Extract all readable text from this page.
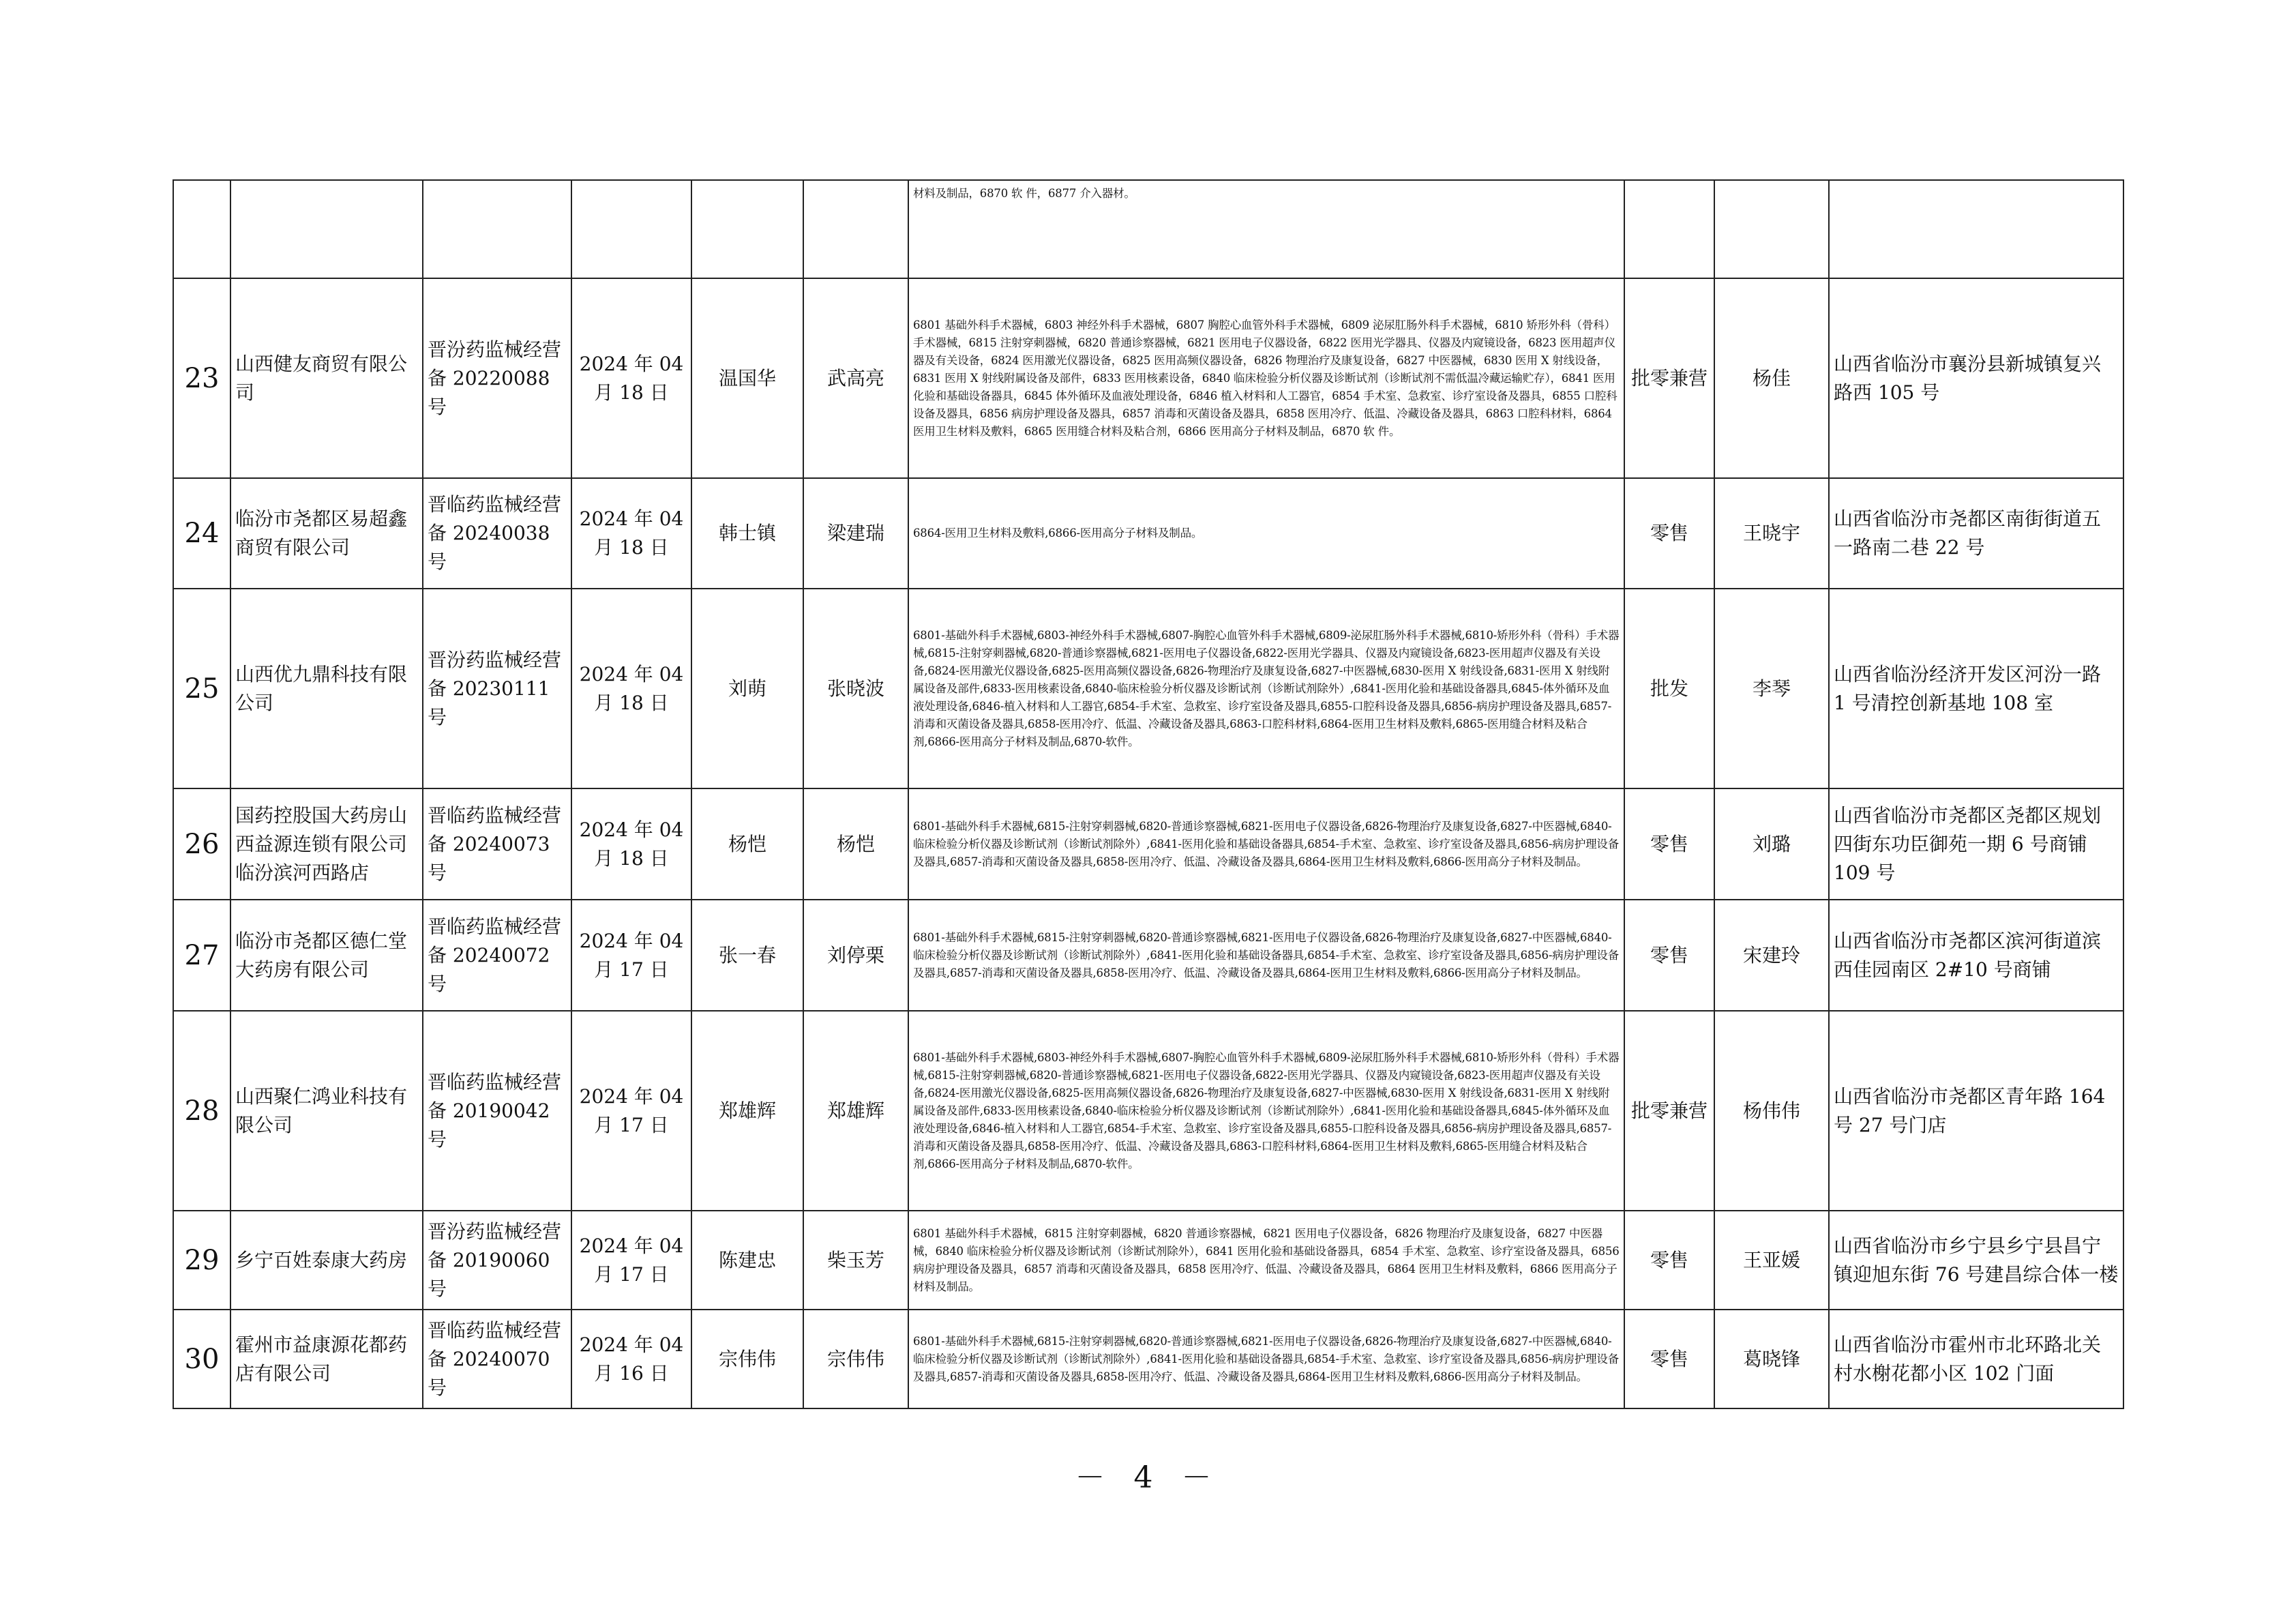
						材料及制品，6870 软 件，6877 介入器材。			
23	山西健友商贸有限公司	晋汾药监械经营备 20220088 号	2024 年 04 月 18 日	温国华	武高亮	6801 基础外科手术器械，6803 神经外科手术器械，6807 胸腔心血管外科手术器械，6809 泌尿肛肠外科手术器械，6810 矫形外科（骨科）手术器械，6815 注射穿刺器械，6820 普通诊察器械，6821 医用电子仪器设备，6822 医用光学器具、仪器及内窥镜设备，6823 医用超声仪器及有关设备，6824 医用激光仪器设备，6825 医用高频仪器设备，6826 物理治疗及康复设备，6827 中医器械，6830 医用 X 射线设备，6831 医用 X 射线附属设备及部件，6833 医用核素设备，6840 临床检验分析仪器及诊断试剂（诊断试剂不需低温冷藏运输贮存），6841 医用化验和基础设备器具，6845 体外循环及血液处理设备，6846 植入材料和人工器官，6854 手术室、急救室、诊疗室设备及器具，6855 口腔科设备及器具，6856 病房护理设备及器具，6857 消毒和灭菌设备及器具，6858 医用冷疗、低温、冷藏设备及器具，6863 口腔科材料，6864 医用卫生材料及敷料，6865 医用缝合材料及粘合剂，6866 医用高分子材料及制品，6870 软 件。	批零兼营	杨佳	山西省临汾市襄汾县新城镇复兴路西 105 号
24	临汾市尧都区易超鑫商贸有限公司	晋临药监械经营备 20240038 号	2024 年 04 月 18 日	韩士镇	梁建瑞	6864-医用卫生材料及敷料,6866-医用高分子材料及制品。	零售	王晓宇	山西省临汾市尧都区南街街道五一路南二巷 22 号
25	山西优九鼎科技有限公司	晋汾药监械经营备 20230111 号	2024 年 04 月 18 日	刘萌	张晓波	6801-基础外科手术器械,6803-神经外科手术器械,6807-胸腔心血管外科手术器械,6809-泌尿肛肠外科手术器械,6810-矫形外科（骨科）手术器械,6815-注射穿刺器械,6820-普通诊察器械,6821-医用电子仪器设备,6822-医用光学器具、仪器及内窥镜设备,6823-医用超声仪器及有关设备,6824-医用激光仪器设备,6825-医用高频仪器设备,6826-物理治疗及康复设备,6827-中医器械,6830-医用 X 射线设备,6831-医用 X 射线附属设备及部件,6833-医用核素设备,6840-临床检验分析仪器及诊断试剂（诊断试剂除外）,6841-医用化验和基础设备器具,6845-体外循环及血液处理设备,6846-植入材料和人工器官,6854-手术室、急救室、诊疗室设备及器具,6855-口腔科设备及器具,6856-病房护理设备及器具,6857-消毒和灭菌设备及器具,6858-医用冷疗、低温、冷藏设备及器具,6863-口腔科材料,6864-医用卫生材料及敷料,6865-医用缝合材料及粘合剂,6866-医用高分子材料及制品,6870-软件。	批发	李琴	山西省临汾经济开发区河汾一路 1 号清控创新基地 108 室
26	国药控股国大药房山西益源连锁有限公司临汾滨河西路店	晋临药监械经营备 20240073 号	2024 年 04 月 18 日	杨恺	杨恺	6801-基础外科手术器械,6815-注射穿刺器械,6820-普通诊察器械,6821-医用电子仪器设备,6826-物理治疗及康复设备,6827-中医器械,6840-临床检验分析仪器及诊断试剂（诊断试剂除外）,6841-医用化验和基础设备器具,6854-手术室、急救室、诊疗室设备及器具,6856-病房护理设备及器具,6857-消毒和灭菌设备及器具,6858-医用冷疗、低温、冷藏设备及器具,6864-医用卫生材料及敷料,6866-医用高分子材料及制品。	零售	刘璐	山西省临汾市尧都区尧都区规划四街东功臣御苑一期 6 号商铺 109 号
27	临汾市尧都区德仁堂大药房有限公司	晋临药监械经营备 20240072 号	2024 年 04 月 17 日	张一春	刘停栗	6801-基础外科手术器械,6815-注射穿刺器械,6820-普通诊察器械,6821-医用电子仪器设备,6826-物理治疗及康复设备,6827-中医器械,6840-临床检验分析仪器及诊断试剂（诊断试剂除外）,6841-医用化验和基础设备器具,6854-手术室、急救室、诊疗室设备及器具,6856-病房护理设备及器具,6857-消毒和灭菌设备及器具,6858-医用冷疗、低温、冷藏设备及器具,6864-医用卫生材料及敷料,6866-医用高分子材料及制品。	零售	宋建玲	山西省临汾市尧都区滨河街道滨西佳园南区 2#10 号商铺
28	山西聚仁鸿业科技有限公司	晋临药监械经营备 20190042 号	2024 年 04 月 17 日	郑雄辉	郑雄辉	6801-基础外科手术器械,6803-神经外科手术器械,6807-胸腔心血管外科手术器械,6809-泌尿肛肠外科手术器械,6810-矫形外科（骨科）手术器械,6815-注射穿刺器械,6820-普通诊察器械,6821-医用电子仪器设备,6822-医用光学器具、仪器及内窥镜设备,6823-医用超声仪器及有关设备,6824-医用激光仪器设备,6825-医用高频仪器设备,6826-物理治疗及康复设备,6827-中医器械,6830-医用 X 射线设备,6831-医用 X 射线附属设备及部件,6833-医用核素设备,6840-临床检验分析仪器及诊断试剂（诊断试剂除外）,6841-医用化验和基础设备器具,6845-体外循环及血液处理设备,6846-植入材料和人工器官,6854-手术室、急救室、诊疗室设备及器具,6855-口腔科设备及器具,6856-病房护理设备及器具,6857-消毒和灭菌设备及器具,6858-医用冷疗、低温、冷藏设备及器具,6863-口腔科材料,6864-医用卫生材料及敷料,6865-医用缝合材料及粘合剂,6866-医用高分子材料及制品,6870-软件。	批零兼营	杨伟伟	山西省临汾市尧都区青年路 164 号 27 号门店
29	乡宁百姓泰康大药房	晋汾药监械经营备 20190060 号	2024 年 04 月 17 日	陈建忠	柴玉芳	6801 基础外科手术器械，6815 注射穿刺器械，6820 普通诊察器械，6821 医用电子仪器设备，6826 物理治疗及康复设备，6827 中医器械，6840 临床检验分析仪器及诊断试剂（诊断试剂除外），6841 医用化验和基础设备器具，6854 手术室、急救室、诊疗室设备及器具，6856 病房护理设备及器具，6857 消毒和灭菌设备及器具，6858 医用冷疗、低温、冷藏设备及器具，6864 医用卫生材料及敷料，6866 医用高分子材料及制品。	零售	王亚媛	山西省临汾市乡宁县乡宁县昌宁镇迎旭东街 76 号建昌综合体一楼
30	霍州市益康源花都药店有限公司	晋临药监械经营备 20240070 号	2024 年 04 月 16 日	宗伟伟	宗伟伟	6801-基础外科手术器械,6815-注射穿刺器械,6820-普通诊察器械,6821-医用电子仪器设备,6826-物理治疗及康复设备,6827-中医器械,6840-临床检验分析仪器及诊断试剂（诊断试剂除外）,6841-医用化验和基础设备器具,6854-手术室、急救室、诊疗室设备及器具,6856-病房护理设备及器具,6857-消毒和灭菌设备及器具,6858-医用冷疗、低温、冷藏设备及器具,6864-医用卫生材料及敷料,6866-医用高分子材料及制品。	零售	葛晓锋	山西省临汾市霍州市北环路北关村水榭花都小区 102 门面
－ 4 －
